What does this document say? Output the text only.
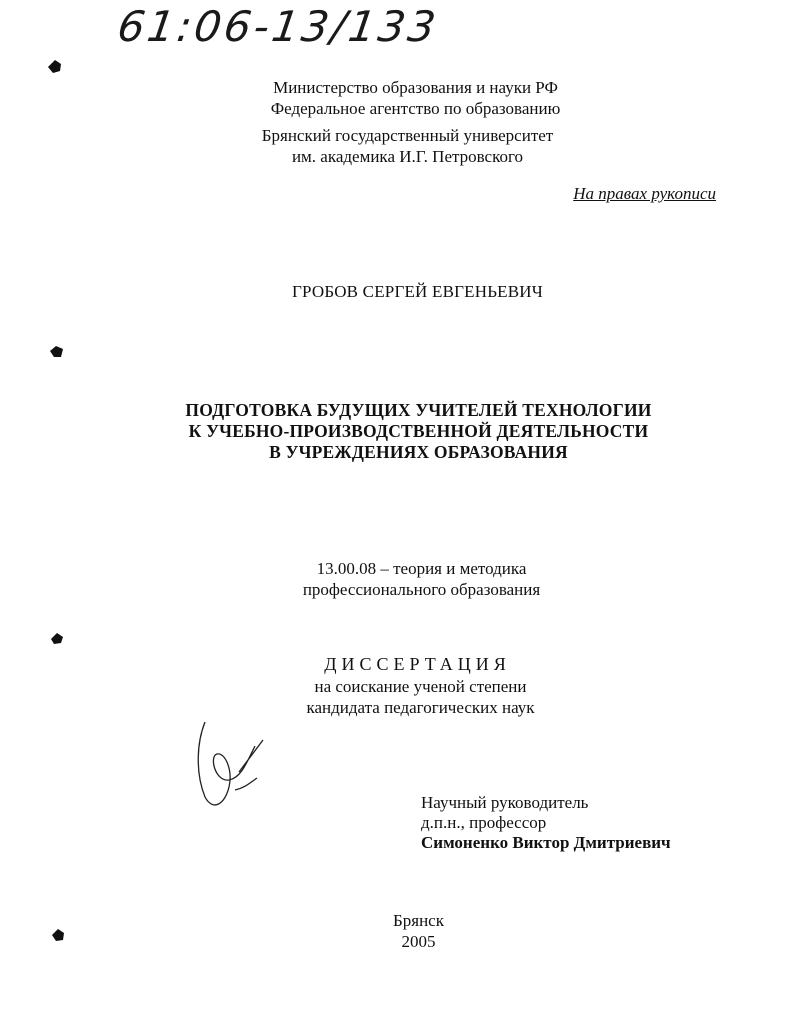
61:06-13/133
Министерство образования и науки РФ
Федеральное агентство по образованию
Брянский государственный университет
им. академика И.Г. Петровского
На правах рукописи
ГРОБОВ СЕРГЕЙ ЕВГЕНЬЕВИЧ
ПОДГОТОВКА БУДУЩИХ УЧИТЕЛЕЙ ТЕХНОЛОГИИ
К УЧЕБНО-ПРОИЗВОДСТВЕННОЙ ДЕЯТЕЛЬНОСТИ
В УЧРЕЖДЕНИЯХ ОБРАЗОВАНИЯ
13.00.08 – теория и методика
профессионального образования
ДИССЕРТАЦИЯ
на соискание ученой степени
кандидата педагогических наук
Научный руководитель
д.п.н., профессор
Симоненко Виктор Дмитриевич
Брянск
2005
